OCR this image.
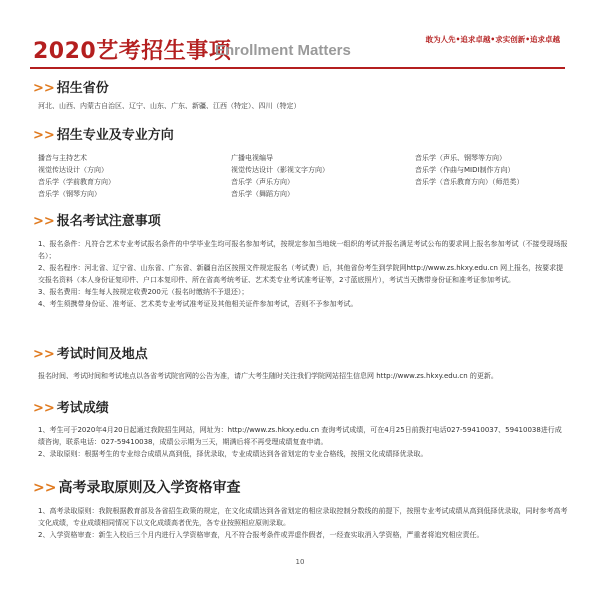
2020艺考招生事项
Enrollment Matters
敢为人先•追求卓越•求实创新•追求卓越
>> 招生省份
河北、山西、内蒙古自治区、辽宁、山东、广东、新疆、江西（特定）、四川（特定）
>> 招生专业及专业方向
播音与主持艺术	广播电视编导	音乐学（声乐、钢琴等方向）
视觉传达设计（方向）	视觉传达设计（影视文字方向）	音乐学（作曲与MIDI制作方向）
音乐学（学前教育方向）	音乐学（声乐方向）	音乐学（音乐教育方向）（师范类）
音乐学（钢琴方向）	音乐学（舞蹈方向）
>> 报名考试注意事项

1、报名条件：凡符合艺术专业考试报名条件的中学毕业生均可报名参加考试，按规定参加当地统一组织的考试并报名满足考试公布的要求网上报名参加考试（不接受现场报名）；

2、报名程序：河北省、辽宁省、山东省、广东省、新疆自治区按照文件规定报名（考试费）后，其他省份考生到学院网http://www.zs.hkxy.edu.cn 网上报名，按要求提交报名资料（本人身份证复印件、户口本复印件、所在省高考统考证、艺术类专业考试准考证等，2寸蓝底照片），考试当天携带身份证和准考证参加考试。

3、报名费用：每生每人按规定收费200元（报名时缴纳不予退还）；

4、考生须携带身份证、准考证、艺术类专业考试准考证及其他相关证件参加考试，否则不予参加考试。

>> 考试时间及地点
报名时间、考试时间和考试地点以各省考试院官网的公告为准，请广大考生随时关注我们学院网站招生信息网 http://www.zs.hkxy.edu.cn 的更新。
>> 考试成绩

1、考生可于2020年4月20日起通过我院招生网站，网址为：http://www.zs.hkxy.edu.cn 查询考试成绩，可在4月25日前拨打电话027-59410037、59410038进行成绩咨询，联系电话：027-59410038，成绩公示期为三天，期满后将不再受理成绩复查申请。

2、录取原则：根据考生的专业综合成绩从高到低，择优录取，专业成绩达到各省划定的专业合格线，按照文化成绩择优录取。

>> 高考录取原则及入学资格审查

1、高考录取原则：我院根据教育部及各省招生政策的规定，在文化成绩达到各省划定的相应录取控制分数线的前提下，按照专业考试成绩从高到低择优录取，同时参考高考文化成绩，专业成绩相同情况下以文化成绩高者优先，各专业按照相应原则录取。

2、入学资格审查：新生入校后三个月内进行入学资格审查，凡不符合报考条件或弄虚作假者，一经查实取消入学资格，严重者将追究相应责任。

10
